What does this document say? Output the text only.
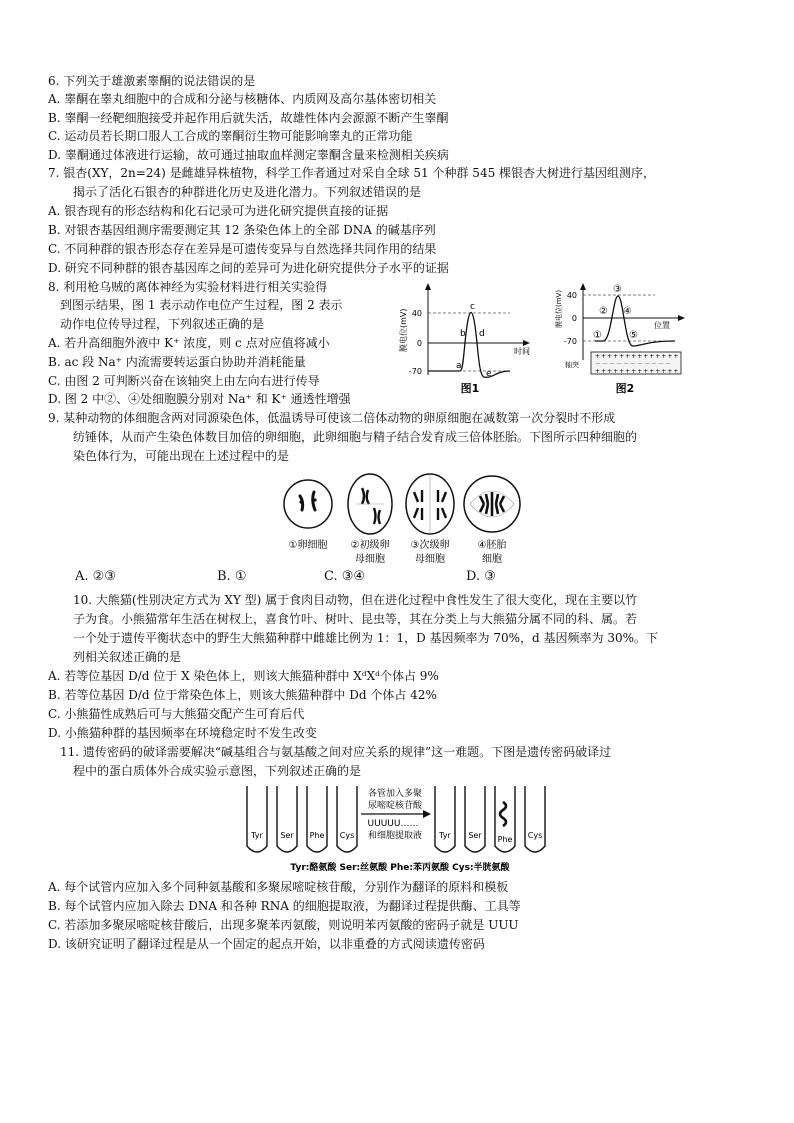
6. 下列关于雄激素睾酮的说法错误的是
A. 睾酮在睾丸细胞中的合成和分泌与核糖体、内质网及高尔基体密切相关
B. 睾酮一经靶细胞接受并起作用后就失活，故雄性体内会源源不断产生睾酮
C. 运动员若长期口服人工合成的睾酮衍生物可能影响睾丸的正常功能
D. 睾酮通过体液进行运输，故可通过抽取血样测定睾酮含量来检测相关疾病
7. 银杏(XY，2n=24) 是雌雄异株植物，科学工作者通过对采自全球 51 个种群 545 棵银杏大树进行基因组测序，
揭示了活化石银杏的种群进化历史及进化潜力。下列叙述错误的是
A. 银杏现有的形态结构和化石记录可为进化研究提供直接的证据
B. 对银杏基因组测序需要测定其 12 条染色体上的全部 DNA 的碱基序列
C. 不同种群的银杏形态存在差异是可遗传变异与自然选择共同作用的结果
D. 研究不同种群的银杏基因库之间的差异可为进化研究提供分子水平的证据
8. 利用枪乌贼的离体神经为实验材料进行相关实验得
到图示结果，图 1 表示动作电位产生过程，图 2 表示
动作电位传导过程，下列叙述正确的是
A. 若升高细胞外液中 K⁺ 浓度，则 c 点对应值将减小
B. ac 段 Na⁺ 内流需要转运蛋白协助并消耗能量
C. 由图 2 可判断兴奋在该轴突上由左向右进行传导
D. 图 2 中②、④处细胞膜分别对 Na⁺ 和 K⁺ 通透性增强
40
0
-70
膜电位(mV)	时间
a
b
c
d
e
图1
40
0
-70
膜电位(mV)	位置
①
②
③
④
⑤
++++++++++++++
－－－－－－－－－－－
++++++++++++++
轴突
图2
9. 某种动物的体细胞含两对同源染色体，低温诱导可使该二倍体动物的卵原细胞在减数第一次分裂时不形成
纺锤体，从而产生染色体数目加倍的卵细胞，此卵细胞与精子结合发育成三倍体胚胎。下图所示四种细胞的
染色体行为，可能出现在上述过程中的是
①卵细胞 ②初级卵
母细胞
③次级卵
母细胞
④胚胎
细胞
A. ②③	B. ①	C. ③④	D. ③
10. 大熊猫(性别决定方式为 XY 型) 属于食肉目动物，但在进化过程中食性发生了很大变化，现在主要以竹
子为食。小熊猫常年生活在树杈上，喜食竹叶、树叶、昆虫等，其在分类上与大熊猫分属不同的科、属。若
一个处于遗传平衡状态中的野生大熊猫种群中雌雄比例为 1：1，D 基因频率为 70%，d 基因频率为 30%。下
列相关叙述正确的是
A. 若等位基因 D/d 位于 X 染色体上，则该大熊猫种群中 XᵈXᵈ个体占 9%
B. 若等位基因 D/d 位于常染色体上，则该大熊猫种群中 Dd 个体占 42%
C. 小熊猫性成熟后可与大熊猫交配产生可育后代
D. 小熊猫种群的基因频率在环境稳定时不发生改变
11. 遗传密码的破译需要解决“碱基组合与氨基酸之间对应关系的规律”这一难题。下图是遗传密码破译过
程中的蛋白质体外合成实验示意图，下列叙述正确的是
Tyr Ser Phe Cys
各管加入多聚
尿嘧啶核苷酸
UUUUU……
和细胞提取液 Tyr Ser Phe Cys
Tyr:酪氨酸 Ser:丝氨酸 Phe:苯丙氨酸 Cys:半胱氨酸
A. 每个试管内应加入多个同种氨基酸和多聚尿嘧啶核苷酸，分别作为翻译的原料和模板
B. 每个试管内应加入除去 DNA 和各种 RNA 的细胞提取液，为翻译过程提供酶、工具等
C. 若添加多聚尿嘧啶核苷酸后，出现多聚苯丙氨酸，则说明苯丙氨酸的密码子就是 UUU
D. 该研究证明了翻译过程是从一个固定的起点开始，以非重叠的方式阅读遗传密码
